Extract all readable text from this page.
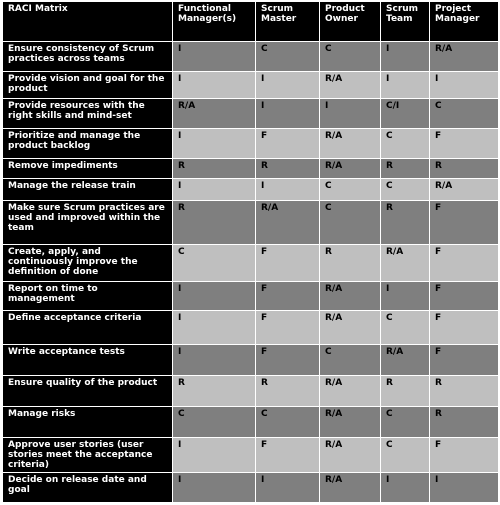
RACI Matrix	Functional Manager(s)	Scrum Master	Product Owner	Scrum Team	Project Manager
Ensure consistency of Scrum practices across teams	I	C	C	I	R/A
Provide vision and goal for the product	I	I	R/A	I	I
Provide resources with the right skills and mind-set	R/A	I	I	C/I	C
Prioritize and manage the product backlog	I	F	R/A	C	F
Remove impediments	R	R	R/A	R	R
Manage the release train	I	I	C	C	R/A
Make sure Scrum practices are used and improved within the team	R	R/A	C	R	F
Create, apply, and continuously improve the definition of done	C	F	R	R/A	F
Report on time to management	I	F	R/A	I	F
Define acceptance criteria	I	F	R/A	C	F
Write acceptance tests	I	F	C	R/A	F
Ensure quality of the product	R	R	R/A	R	R
Manage risks	C	C	R/A	C	R
Approve user stories (user stories meet the acceptance criteria)	I	F	R/A	C	F
Decide on release date and goal	I	I	R/A	I	I
